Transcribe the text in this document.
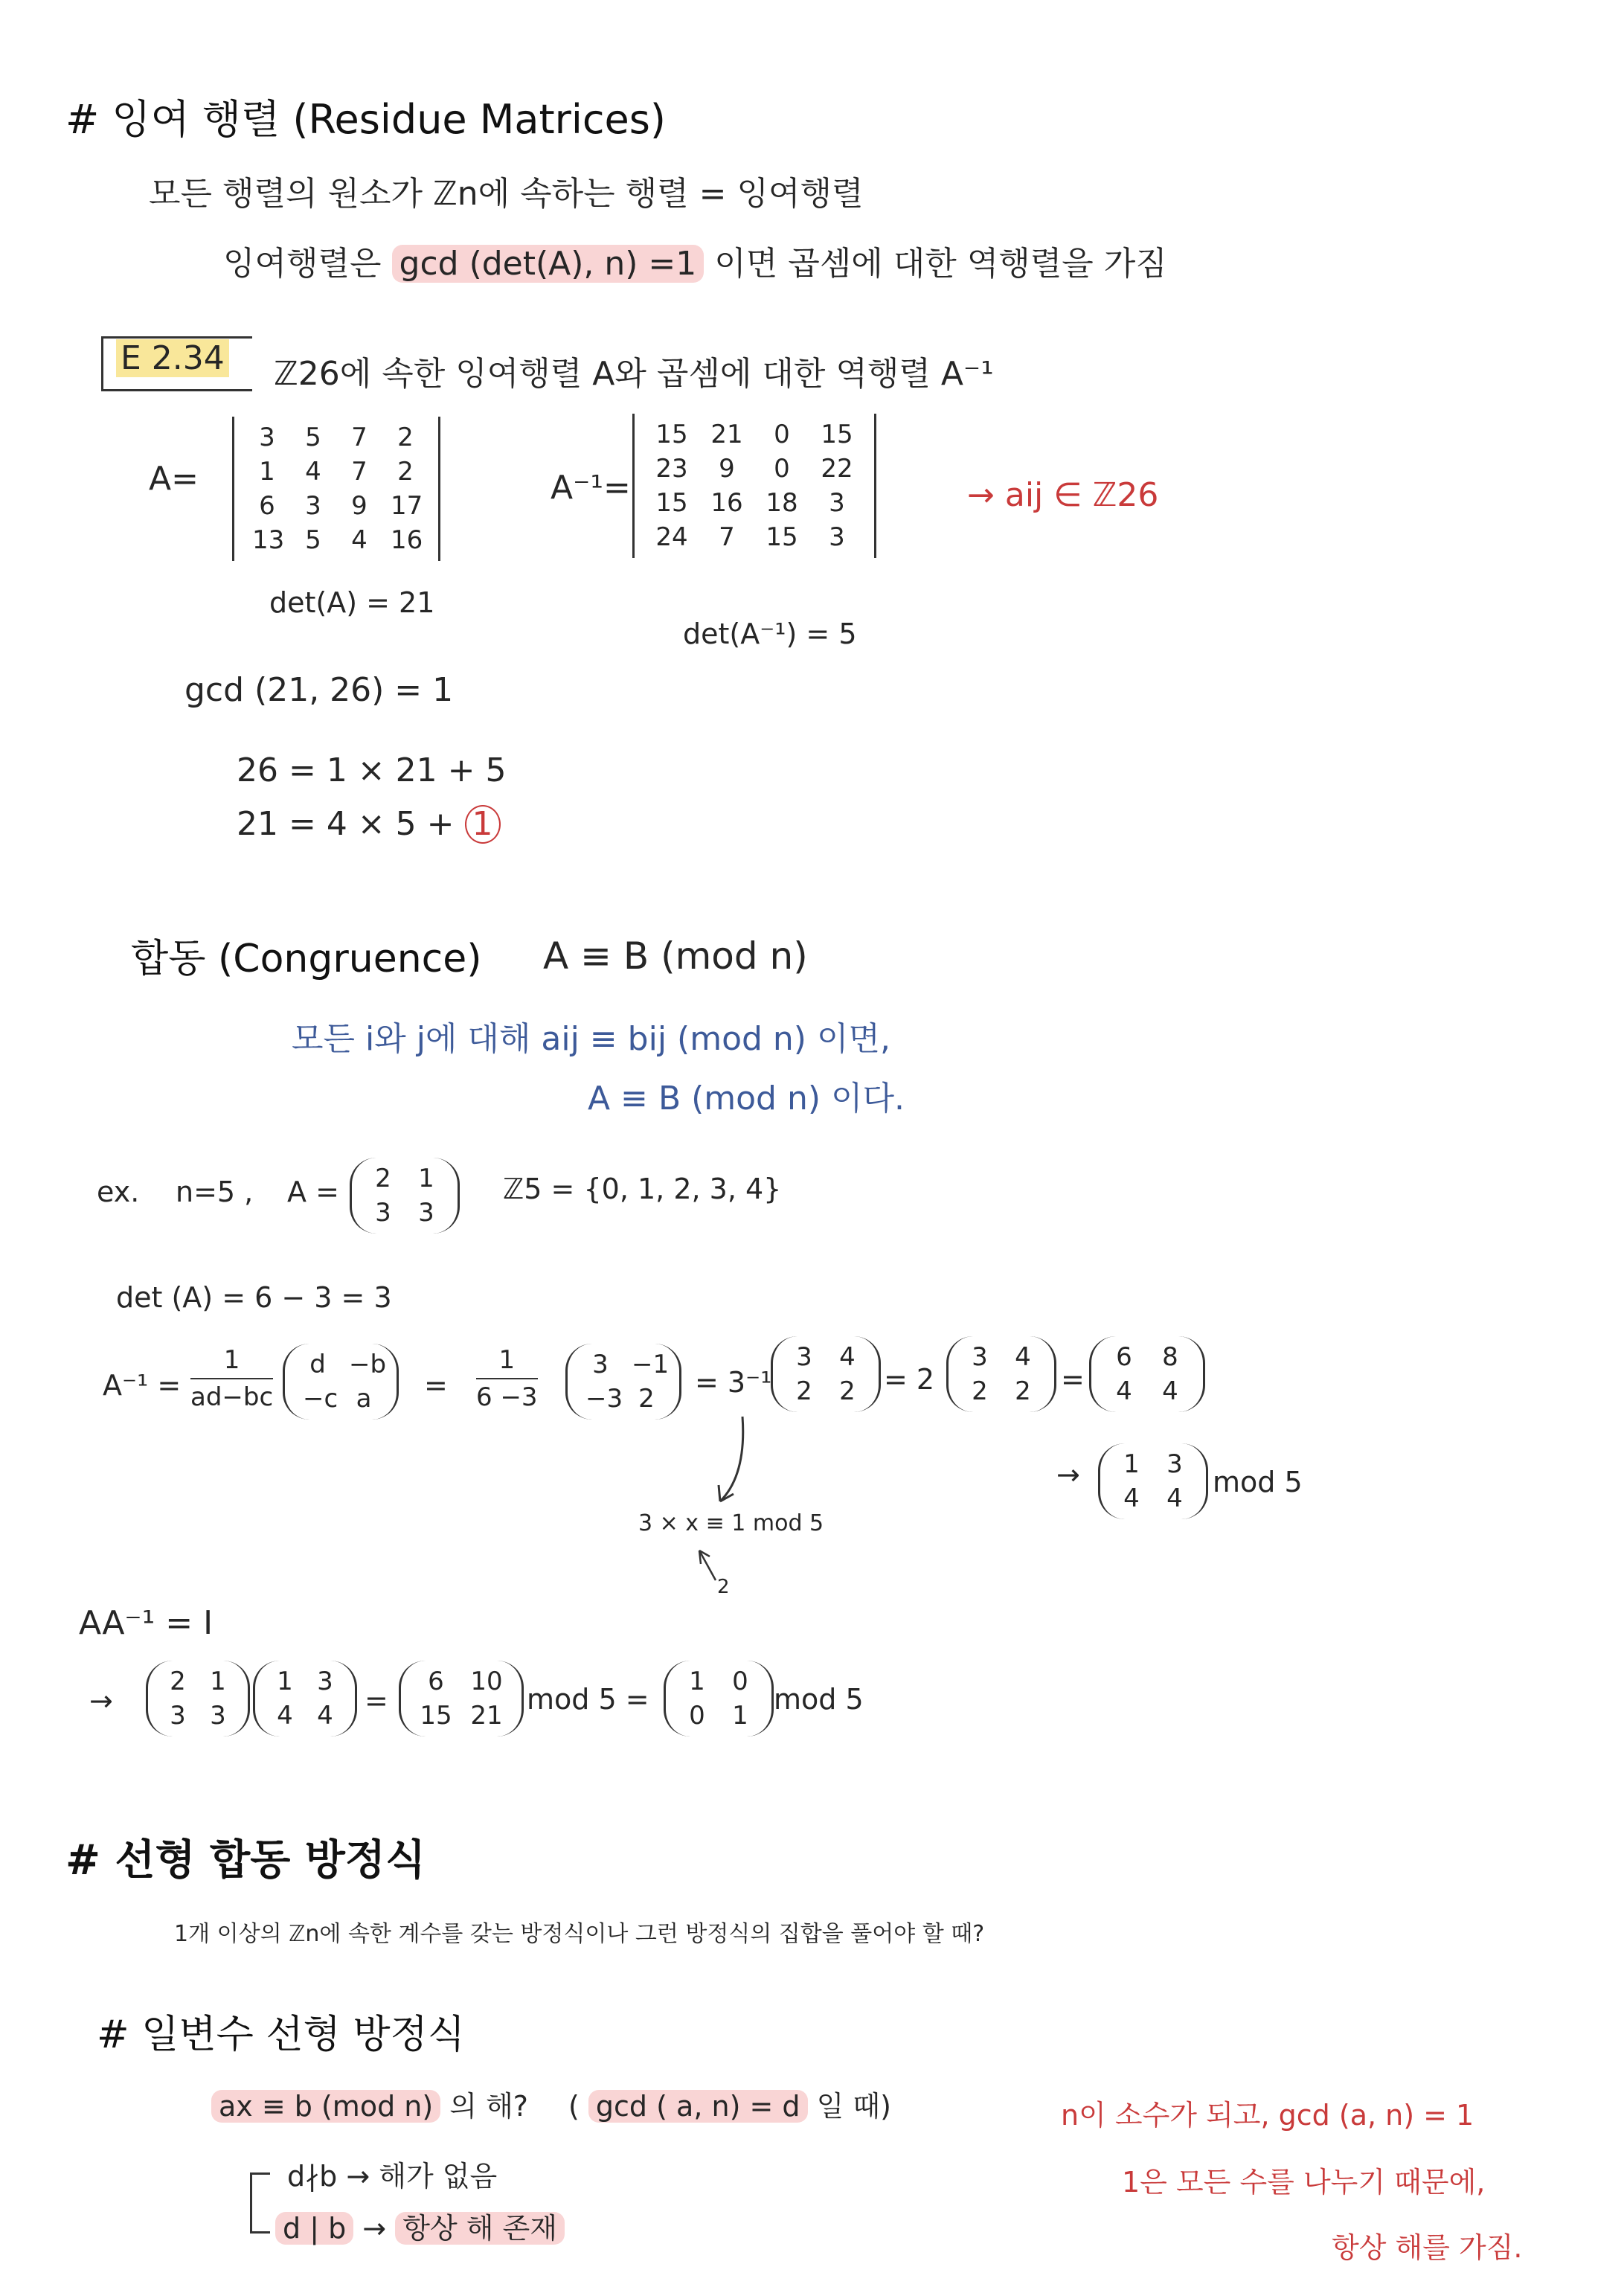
# 잉여 행렬 (Residue Matrices)
모든 행렬의 원소가 ℤn에 속하는 행렬 = 잉여행렬
잉여행렬은 gcd (det(A), n) =1 이면 곱셈에 대한 역행렬을 가짐
E 2.34 ℤ26에 속한 잉여행렬 A와 곱셈에 대한 역행렬 A⁻¹
A=
3 5 7 2
1 4 7 2
6 3 9 17
13 5 4 16
det(A) = 21
A⁻¹=
15 21	0	15
23	9	0	22
15 16 18	3
24	7	15	3
det(A⁻¹) = 5
→ aij ∈ ℤ26
gcd (21, 26) = 1
26 = 1 × 21 + 5
21 = 4 × 5 + 1
합동 (Congruence) A ≡ B (mod n)
모든 i와 j에 대해 aij ≡ bij (mod n) 이면,
A ≡ B (mod n) 이다.
ex. n=5 , A = 2 1
3 3
ℤ5 = {0, 1, 2, 3, 4}
det (A) = 6 − 3 = 3
A⁻¹ =
1
ad−bc
d −b
−c a =
1
6 −3
3 −1
−3 2 = 3⁻¹
3 4
2 2 = 2
3 4
2 2 =
6 8
4 4
3 × x ≡ 1 mod 5
2
→ 1 3
4 4 mod 5
AA⁻¹ = I
→
2 1
3 3
1 3
4 4 =
6	10
15 21 mod 5 =
1 0
0 1 mod 5
# 선형 합동 방정식
1개 이상의 ℤn에 속한 계수를 갖는 방정식이나 그런 방정식의 집합을 풀어야 할 때?
# 일변수 선형 방정식
ax ≡ b (mod n) 의 해? ( gcd ( a, n) = d 일 때)
d∤b → 해가 없음
d | b → 항상 해 존재
n이 소수가 되고, gcd (a, n) = 1
1은 모든 수를 나누기 때문에,
항상 해를 가짐.
